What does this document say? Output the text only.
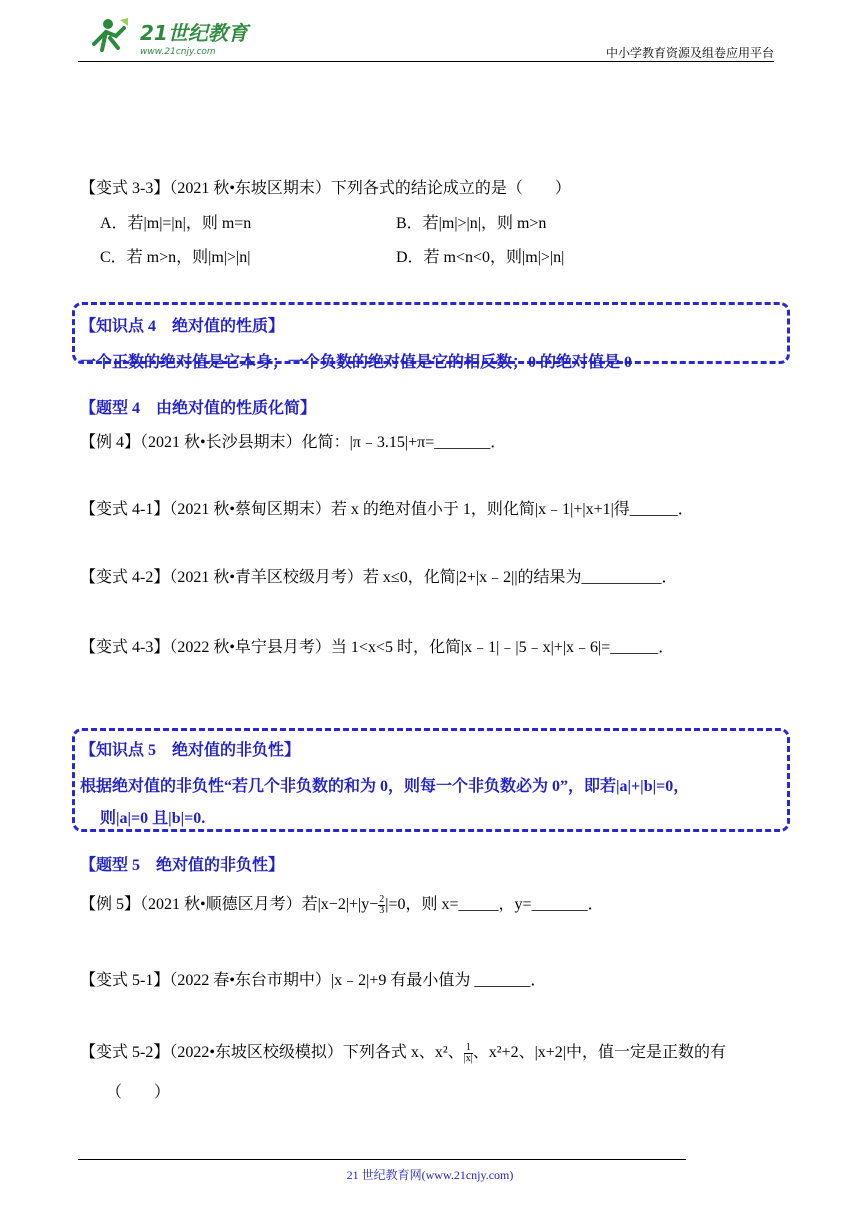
21世纪教育
www.21cnjy.com	中小学教育资源及组卷应用平台
【变式 3-3】（2021 秋•东坡区期末）下列各式的结论成立的是（　　）
A．若|m|=|n|，则 m=n	B．若|m|>|n|，则 m>n
C．若 m>n，则|m|>|n|	D．若 m<n<0，则|m|>|n|
【知识点 4　绝对值的性质】
一个正数的绝对值是它本身；一个负数的绝对值是它的相反数；0 的绝对值是 0
【题型 4　由绝对值的性质化简】
【例 4】（2021 秋•长沙县期末）化简：|π﹣3.15|+π=_______．
【变式 4-1】（2021 秋•蔡甸区期末）若 x 的绝对值小于 1，则化简|x﹣1|+|x+1|得______．
【变式 4-2】（2021 秋•青羊区校级月考）若 x≤0，化简|2+|x﹣2||的结果为__________．
【变式 4-3】（2022 秋•阜宁县月考）当 1<x<5 时，化简|x﹣1|﹣|5﹣x|+|x﹣6|=______．
【知识点 5　绝对值的非负性】
根据绝对值的非负性“若几个非负数的和为 0，则每一个非负数必为 0”，即若|a|+|b|=0，
则|a|=0 且|b|=0.
【题型 5　绝对值的非负性】
【例 5】（2021 秋•顺德区月考）若$|x-2|+|y- \frac{2}{3} |=0$，则 x=_____，y=_______．
【变式 5-1】（2022 春•东台市期中）|x﹣2|+9 有最小值为 _______．
【变式 5-2】（2022•东坡区校级模拟）下列各式 x、x²、 $\frac{1}{|x|}$ 、x²+2、|x+2|中，值一定是正数的有
（　　）
21 世纪教育网(www.21cnjy.com)
